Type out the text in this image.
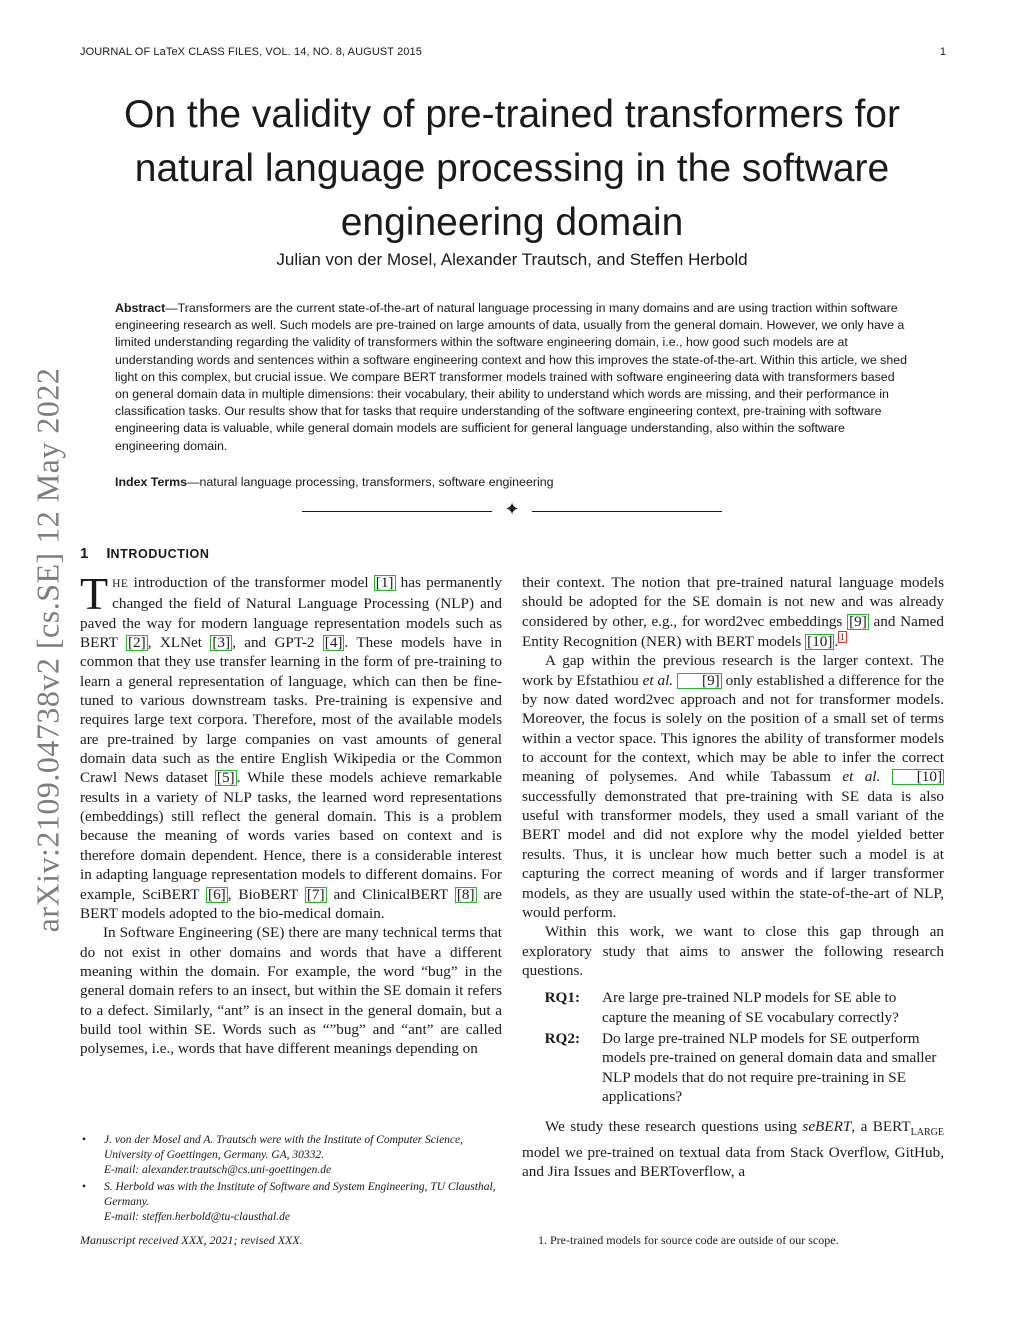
JOURNAL OF LaTeX CLASS FILES, VOL. 14, NO. 8, AUGUST 2015	1
arXiv:2109.04738v2 [cs.SE] 12 May 2022
On the validity of pre-trained transformers for
natural language processing in the software
engineering domain
Julian von der Mosel, Alexander Trautsch, and Steffen Herbold
Abstract—Transformers are the current state-of-the-art of natural language processing in many domains and are using traction within software engineering research as well. Such models are pre-trained on large amounts of data, usually from the general domain. However, we only have a limited understanding regarding the validity of transformers within the software engineering domain, i.e., how good such models are at understanding words and sentences within a software engineering context and how this improves the state-of-the-art. Within this article, we shed light on this complex, but crucial issue. We compare BERT transformer models trained with software engineering data with transformers based on general domain data in multiple dimensions: their vocabulary, their ability to understand which words are missing, and their performance in classification tasks. Our results show that for tasks that require understanding of the software engineering context, pre-training with software engineering data is valuable, while general domain models are sufficient for general language understanding, also within the software engineering domain.
Index Terms—natural language processing, transformers, software engineering
✦
1 INTRODUCTION

THE introduction of the transformer model [1] has permanently changed the field of Natural Language Processing (NLP) and paved the way for modern language representation models such as BERT [2] , XLNet [3] , and GPT-2 [4] . These models have in common that they use transfer learning in the form of pre-training to learn a general representation of language, which can then be fine-tuned to various downstream tasks. Pre-training is expensive and requires large text corpora. Therefore, most of the available models are pre-trained by large companies on vast amounts of general domain data such as the entire English Wikipedia or the Common Crawl News dataset [5] . While these models achieve remarkable results in a variety of NLP tasks, the learned word representations (embeddings) still reflect the general domain. This is a problem because the meaning of words varies based on context and is therefore domain dependent. Hence, there is a considerable interest in adapting language representation models to different domains. For example, SciBERT [6] , BioBERT [7] and ClinicalBERT [8] are BERT models adopted to the bio-medical domain.

In Software Engineering (SE) there are many technical terms that do not exist in other domains and words that have a different meaning within the domain. For example, the word “bug” in the general domain refers to an insect, but within the SE domain it refers to a defect. Similarly, “ant” is an insect in the general domain, but a build tool within SE. Words such as “”bug” and “ant” are called polysemes, i.e., words that have different meanings depending on

their context. The notion that pre-trained natural language models should be adopted for the SE domain is not new and was already considered by other, e.g., for word2vec embeddings [9] and Named Entity Recognition (NER) with BERT models [10] . 1

A gap within the previous research is the larger context. The work by Efstathiou et al. [9] only established a difference for the by now dated word2vec approach and not for transformer models. Moreover, the focus is solely on the position of a small set of terms within a vector space. This ignores the ability of transformer models to account for the context, which may be able to infer the correct meaning of polysemes. And while Tabassum et al. [10] successfully demonstrated that pre-training with SE data is also useful with transformer models, they used a small variant of the BERT model and did not explore why the model yielded better results. Thus, it is unclear how much better such a model is at capturing the correct meaning of words and if larger transformer models, as they are usually used within the state-of-the-art of NLP, would perform.

Within this work, we want to close this gap through an exploratory study that aims to answer the following research questions.

RQ1:	Are large pre-trained NLP models for SE able to capture the meaning of SE vocabulary correctly?
RQ2:	Do large pre-trained NLP models for SE outperform models pre-trained on general domain data and smaller NLP models that do not require pre-training in SE applications?

We study these research questions using seBERT, a $BERT_{LARGE}$ model we pre-trained on textual data from Stack Overflow, GitHub, and Jira Issues and BERToverflow, a

• J. von der Mosel and A. Trautsch were with the Institute of Computer Science, University of Goettingen, Germany. GA, 30332.
E-mail: alexander.trautsch@cs.uni-goettingen.de
• S. Herbold was with the Institute of Software and System Engineering, TU Clausthal, Germany.
E-mail: steffen.herbold@tu-clausthal.de
Manuscript received XXX, 2021; revised XXX.	1. Pre-trained models for source code are outside of our scope.
